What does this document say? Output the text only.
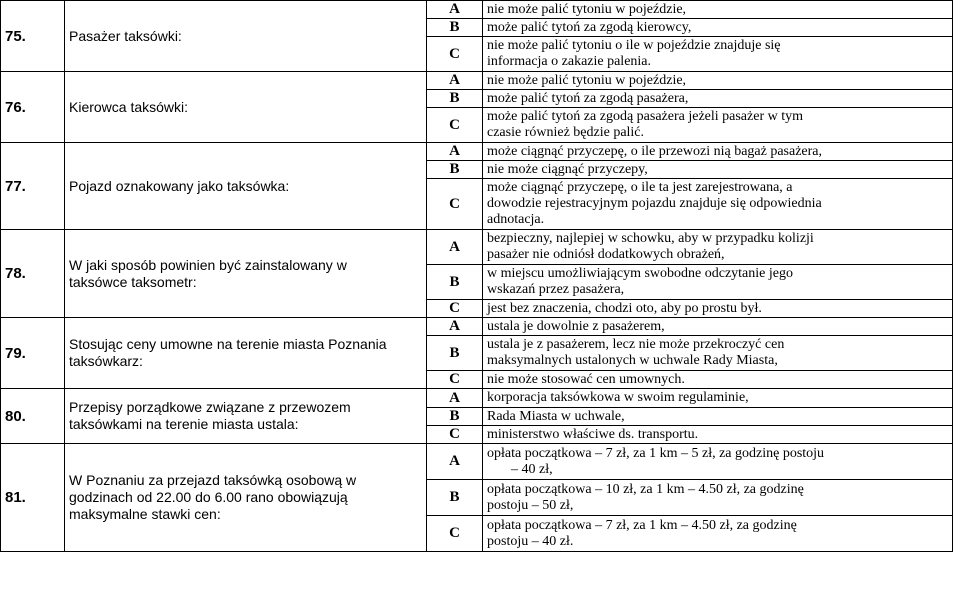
75.	Pasażer taksówki:	A	nie może palić tytoniu w pojeździe,
		B	może palić tytoń za zgodą kierowcy,
		C	nie może palić tytoniu o ile w pojeździe znajduje się
informacja o zakazie palenia.
76.	Kierowca taksówki:	A	nie może palić tytoniu w pojeździe,
		B	może palić tytoń za zgodą pasażera,
		C	może palić tytoń za zgodą pasażera jeżeli pasażer w tym
czasie również będzie palić.
77.	Pojazd oznakowany jako taksówka:	A	może ciągnąć przyczepę, o ile przewozi nią bagaż pasażera,
		B	nie może ciągnąć przyczepy,
		C	może ciągnąć przyczepę, o ile ta jest zarejestrowana, a
dowodzie rejestracyjnym pojazdu znajduje się odpowiednia
adnotacja.
78.	W jaki sposób powinien być zainstalowany w
taksówce taksometr:	A	bezpieczny, najlepiej w schowku, aby w przypadku kolizji
pasażer nie odniósł dodatkowych obrażeń,
		B	w miejscu umożliwiającym swobodne odczytanie jego
wskazań przez pasażera,
		C	jest bez znaczenia, chodzi oto, aby po prostu był.
79.	Stosując ceny umowne na terenie miasta Poznania
taksówkarz:	A	ustala je dowolnie z pasażerem,
		B	ustala je z pasażerem, lecz nie może przekroczyć cen
maksymalnych ustalonych w uchwale Rady Miasta,
		C	nie może stosować cen umownych.
80.	Przepisy porządkowe związane z przewozem
taksówkami na terenie miasta ustala:	A	korporacja taksówkowa w swoim regulaminie,
		B	Rada Miasta w uchwale,
		C	ministerstwo właściwe ds. transportu.
81.	W Poznaniu za przejazd taksówką osobową w
godzinach od 22.00 do 6.00 rano obowiązują
maksymalne stawki cen:	A	opłata początkowa – 7 zł, za 1 km – 5 zł, za godzinę postoju
– 40 zł,
		B	opłata początkowa – 10 zł, za 1 km – 4.50 zł, za godzinę
postoju – 50 zł,
		C	opłata początkowa – 7 zł, za 1 km – 4.50 zł, za godzinę
postoju – 40 zł.
